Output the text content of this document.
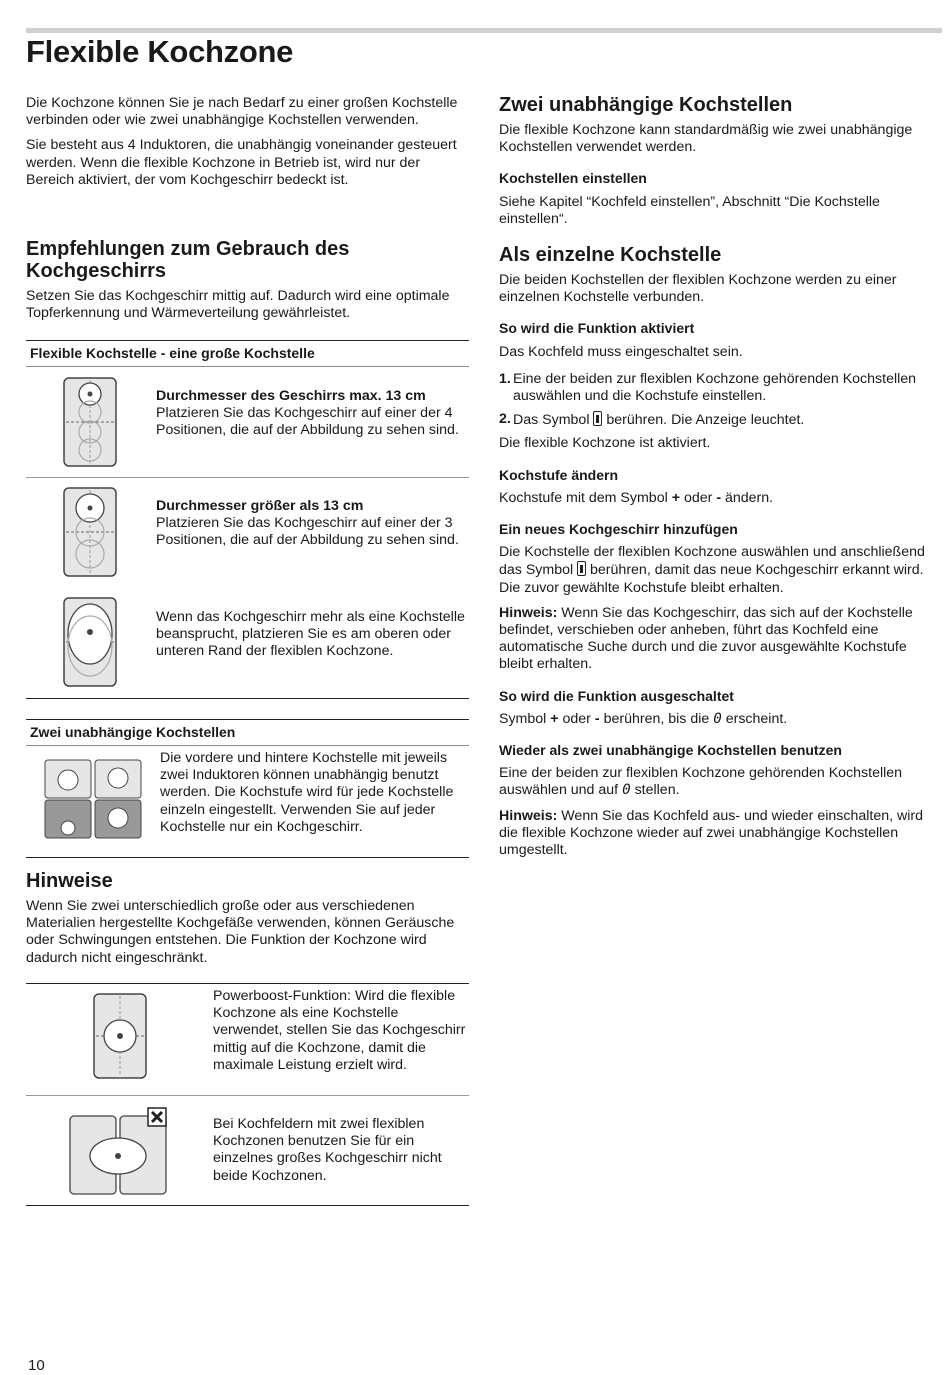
Flexible Kochzone

Die Kochzone können Sie je nach Bedarf zu einer großen Kochstelle verbinden oder wie zwei unabhängige Kochstellen verwenden.

Sie besteht aus 4 Induktoren, die unabhängig voneinander gesteuert werden. Wenn die flexible Kochzone in Betrieb ist, wird nur der Bereich aktiviert, der vom Kochgeschirr bedeckt ist.

Empfehlungen zum Gebrauch des Kochgeschirrs

Setzen Sie das Kochgeschirr mittig auf. Dadurch wird eine optimale Topferkennung und Wärmeverteilung gewährleistet.

Flexible Kochstelle - eine große Kochstelle
Durchmesser des Geschirrs max. 13 cm
Platzieren Sie das Kochgeschirr auf einer der 4 Positionen, die auf der Abbildung zu sehen sind.
Durchmesser größer als 13 cm
Platzieren Sie das Kochgeschirr auf einer der 3 Positionen, die auf der Abbildung zu sehen sind.
Wenn das Kochgeschirr mehr als eine Kochstelle beansprucht, platzieren Sie es am oberen oder unteren Rand der flexiblen Kochzone.
Zwei unabhängige Kochstellen
Die vordere und hintere Kochstelle mit jeweils zwei Induktoren können unabhängig benutzt werden. Die Kochstufe wird für jede Kochstelle einzeln eingestellt. Verwenden Sie auf jeder Kochstelle nur ein Kochgeschirr.
Hinweise

Wenn Sie zwei unterschiedlich große oder aus verschiedenen Materialien hergestellte Kochgefäße verwenden, können Geräusche oder Schwingungen entstehen. Die Funktion der Kochzone wird dadurch nicht eingeschränkt.

Powerboost-Funktion: Wird die flexible Kochzone als eine Kochstelle verwendet, stellen Sie das Kochgeschirr mittig auf die Kochzone, damit die maximale Leistung erzielt wird.
Bei Kochfeldern mit zwei flexiblen Kochzonen benutzen Sie für ein einzelnes großes Kochgeschirr nicht beide Kochzonen.
Zwei unabhängige Kochstellen

Die flexible Kochzone kann standardmäßig wie zwei unabhängige Kochstellen verwendet werden.

Kochstellen einstellen

Siehe Kapitel “Kochfeld einstellen”, Abschnitt “Die Kochstelle einstellen“.

Als einzelne Kochstelle

Die beiden Kochstellen der flexiblen Kochzone werden zu einer einzelnen Kochstelle verbunden.

So wird die Funktion aktiviert

Das Kochfeld muss eingeschaltet sein.

1. Eine der beiden zur flexiblen Kochzone gehörenden Kochstellen auswählen und die Kochstufe einstellen.
2. Das Symbol berühren. Die Anzeige leuchtet.

Die flexible Kochzone ist aktiviert.

Kochstufe ändern

Kochstufe mit dem Symbol + oder - ändern.

Ein neues Kochgeschirr hinzufügen

Die Kochstelle der flexiblen Kochzone auswählen und anschließend das Symbol berühren, damit das neue Kochgeschirr erkannt wird. Die zuvor gewählte Kochstufe bleibt erhalten.

Hinweis: Wenn Sie das Kochgeschirr, das sich auf der Kochstelle befindet, verschieben oder anheben, führt das Kochfeld eine automatische Suche durch und die zuvor ausgewählte Kochstufe bleibt erhalten.

So wird die Funktion ausgeschaltet

Symbol + oder - berühren, bis die 0 erscheint.

Wieder als zwei unabhängige Kochstellen benutzen

Eine der beiden zur flexiblen Kochzone gehörenden Kochstellen auswählen und auf 0 stellen.

Hinweis: Wenn Sie das Kochfeld aus- und wieder einschalten, wird die flexible Kochzone wieder auf zwei unabhängige Kochstellen umgestellt.

10
